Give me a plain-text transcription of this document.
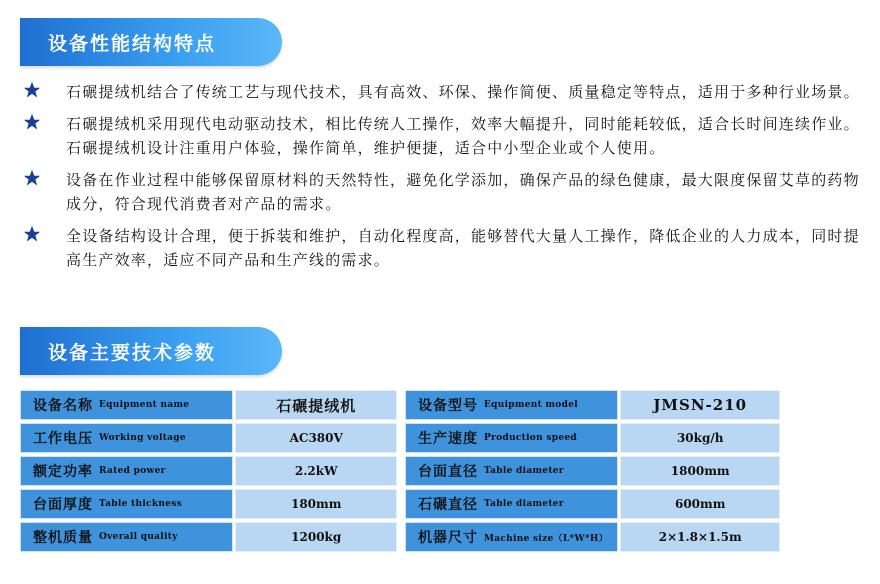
设备性能结构特点
石碾提绒机结合了传统工艺与现代技术，具有高效、环保、操作简便、质量稳定等特点，适用于多种行业场景。
石碾提绒机采用现代电动驱动技术，相比传统人工操作，效率大幅提升，同时能耗较低，适合长时间连续作业。石碾提绒机设计注重用户体验，操作简单，维护便捷，适合中小型企业或个人使用。
设备在作业过程中能够保留原材料的天然特性，避免化学添加，确保产品的绿色健康，最大限度保留艾草的药物成分，符合现代消费者对产品的需求。
全设备结构设计合理，便于拆装和维护，自动化程度高，能够替代大量人工操作，降低企业的人力成本，同时提高生产效率，适应不同产品和生产线的需求。
设备主要技术参数
设备名称 Equipment name	石碾提绒机	设备型号 Equipment model	JMSN-210
工作电压 Working voltage	AC380V	生产速度 Production speed	30kg/h
额定功率 Rated power	2.2kW	台面直径 Table diameter	1800mm
台面厚度 Table thickness	180mm	石碾直径 Table diameter	600mm
整机质量 Overall quality	1200kg	机器尺寸 Machine size（L*W*H）	2×1.8×1.5m
